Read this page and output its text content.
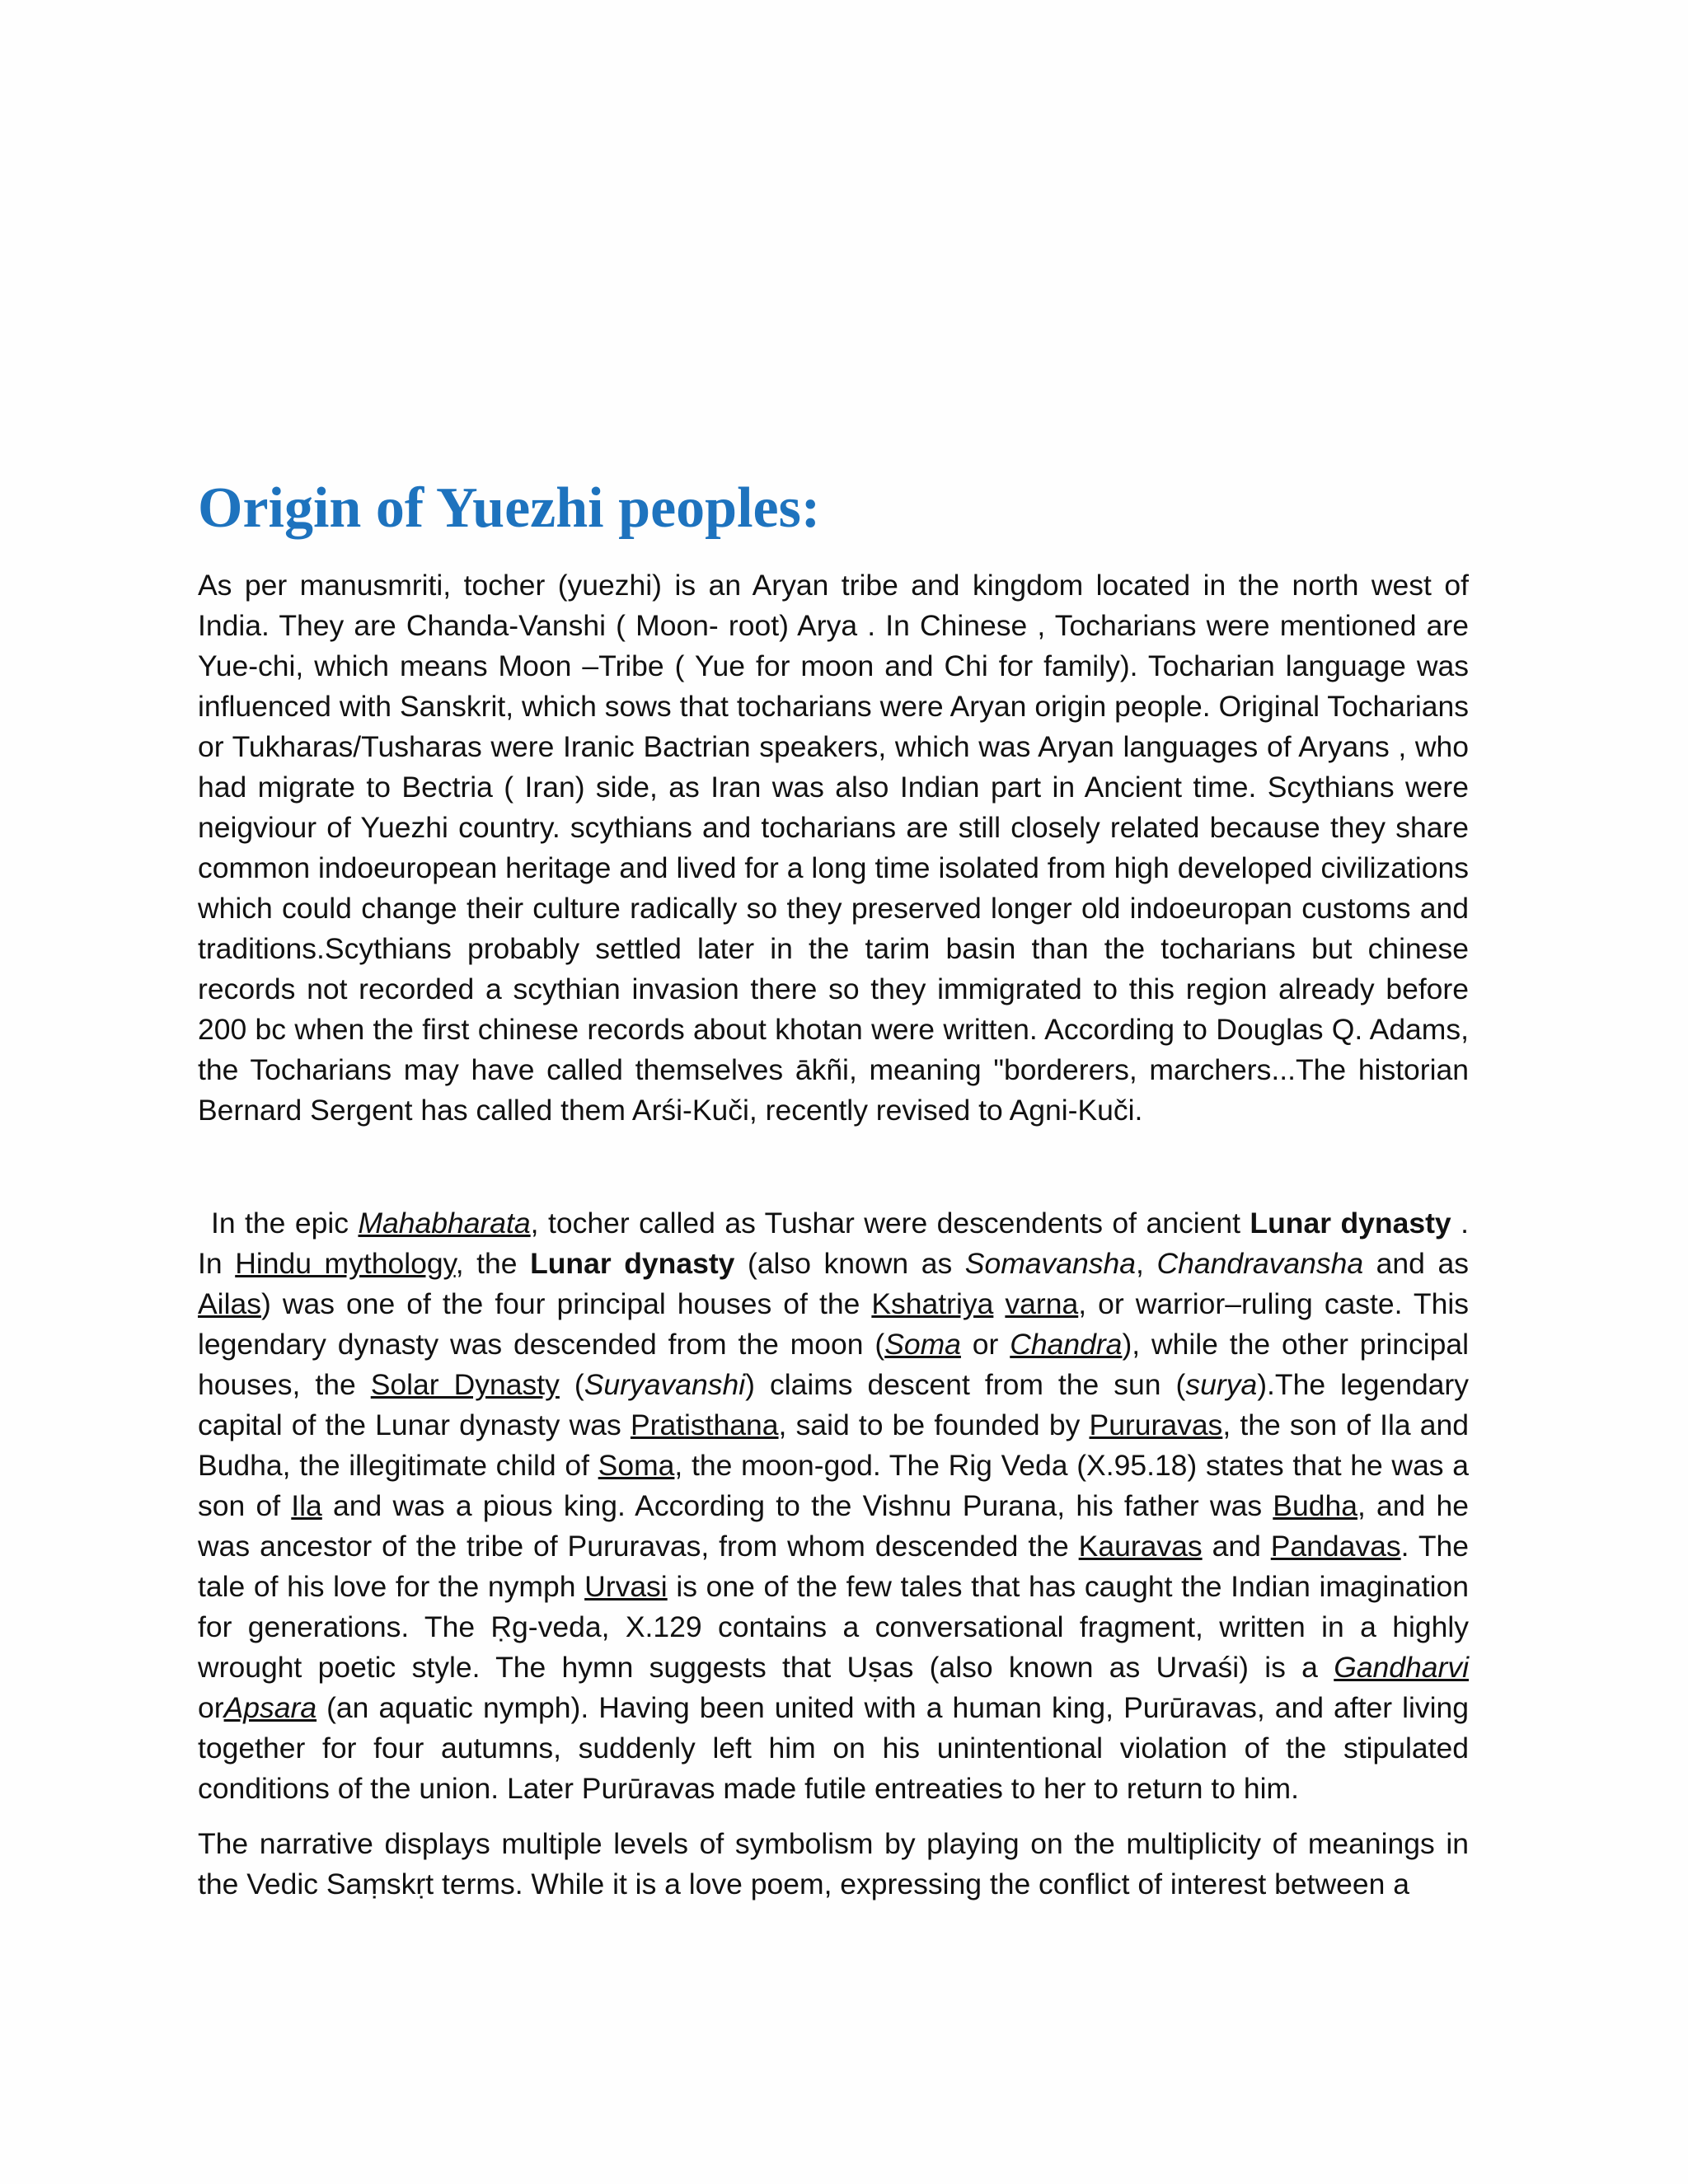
Origin of Yuezhi peoples:

As per manusmriti, tocher (yuezhi) is an Aryan tribe and kingdom located in the north west of India. They are Chanda-Vanshi ( Moon- root) Arya . In Chinese , Tocharians were mentioned are Yue-chi, which means Moon –Tribe ( Yue for moon and Chi for family). Tocharian language was influenced with Sanskrit, which sows that tocharians were Aryan origin people. Original Tocharians or Tukharas/Tusharas were Iranic Bactrian speakers, which was Aryan languages of Aryans , who had migrate to Bectria ( Iran) side, as Iran was also Indian part in Ancient time. Scythians were neigviour of Yuezhi country. scythians and tocharians are still closely related because they share common indoeuropean heritage and lived for a long time isolated from high developed civilizations which could change their culture radically so they preserved longer old indoeuropan customs and traditions.Scythians probably settled later in the tarim basin than the tocharians but chinese records not recorded a scythian invasion there so they immigrated to this region already before 200 bc when the first chinese records about khotan were written. According to Douglas Q. Adams, the Tocharians may have called themselves ākñi, meaning "borderers, marchers...The historian Bernard Sergent has called them Arśi-Kuči, recently revised to Agni-Kuči.

In the epic Mahabharata, tocher called as Tushar were descendents of ancient Lunar dynasty . In Hindu mythology, the Lunar dynasty (also known as Somavansha, Chandravansha and as Ailas) was one of the four principal houses of the Kshatriya varna, or warrior–ruling caste. This legendary dynasty was descended from the moon (Soma or Chandra), while the other principal houses, the Solar Dynasty (Suryavanshi) claims descent from the sun (surya).The legendary capital of the Lunar dynasty was Pratisthana, said to be founded by Pururavas, the son of Ila and Budha, the illegitimate child of Soma, the moon-god. The Rig Veda (X.95.18) states that he was a son of Ila and was a pious king. According to the Vishnu Purana, his father was Budha, and he was ancestor of the tribe of Pururavas, from whom descended the Kauravas and Pandavas. The tale of his love for the nymph Urvasi is one of the few tales that has caught the Indian imagination for generations. The Ṛg-veda, X.129 contains a conversational fragment, written in a highly wrought poetic style. The hymn suggests that Uṣas (also known as Urvaśi) is a Gandharvi orApsara (an aquatic nymph). Having been united with a human king, Purūravas, and after living together for four autumns, suddenly left him on his unintentional violation of the stipulated conditions of the union. Later Purūravas made futile entreaties to her to return to him.

The narrative displays multiple levels of symbolism by playing on the multiplicity of meanings in the Vedic Saṃskṛt terms. While it is a love poem, expressing the conflict of interest between a
